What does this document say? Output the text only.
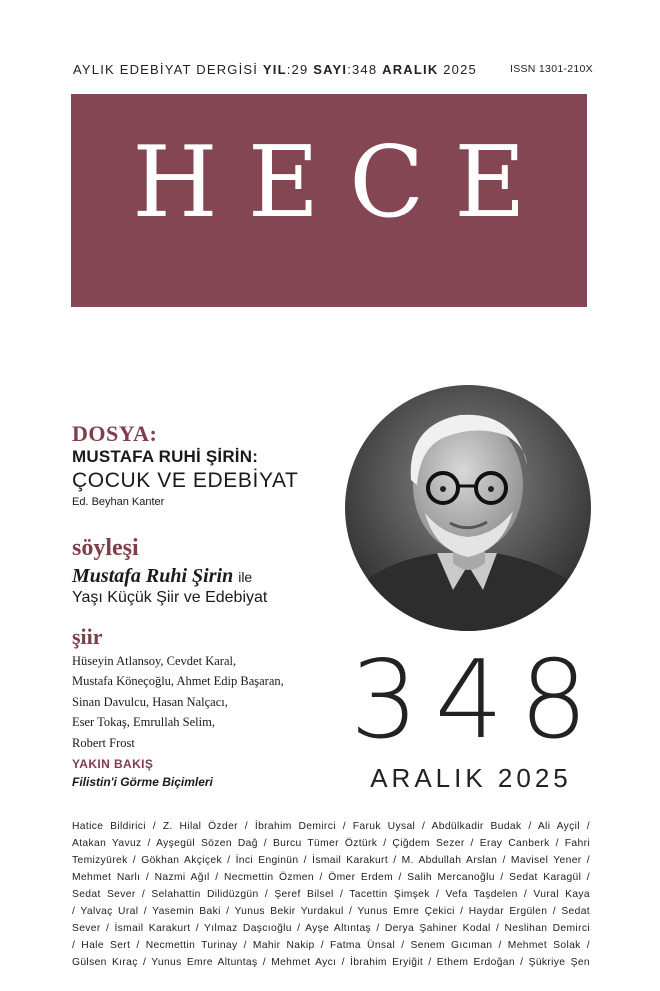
AYLIK EDEBİYAT DERGİSİ YIL:29 SAYI:348 ARALIK 2025	ISSN 1301-210X
HECE
DOSYA:
MUSTAFA RUHİ ŞİRİN:
ÇOCUK VE EDEBİYAT
Ed. Beyhan Kanter
söyleşi
Mustafa Ruhi Şirin ile
Yaşı Küçük Şiir ve Edebiyat
şiir
Hüseyin Atlansoy, Cevdet Karal,
Mustafa Köneçoğlu, Ahmet Edip Başaran,
Sinan Davulcu, Hasan Nalçacı,
Eser Tokaş, Emrullah Selim,
Robert Frost
YAKIN BAKIŞ
Filistin'i Görme Biçimleri
348
ARALIK 2025
Hatice Bildirici / Z. Hilal Özder / İbrahim Demirci / Faruk Uysal / Abdülkadir Budak / Ali Ayçil /
Atakan Yavuz / Ayşegül Sözen Dağ / Burcu Tümer Öztürk / Çiğdem Sezer / Eray Canberk / Fahri
Temizyürek / Gökhan Akçiçek / İnci Enginün / İsmail Karakurt / M. Abdullah Arslan / Mavisel Yener /
Mehmet Narlı / Nazmi Ağıl / Necmettin Özmen / Ömer Erdem / Salih Mercanoğlu / Sedat Karagül /
Sedat Sever / Selahattin Dilidüzgün / Şeref Bilsel / Tacettin Şimşek / Vefa Taşdelen / Vural Kaya
/ Yalvaç Ural / Yasemin Baki / Yunus Bekir Yurdakul / Yunus Emre Çekici / Haydar Ergülen / Sedat
Sever / İsmail Karakurt / Yılmaz Daşcıoğlu / Ayşe Altıntaş / Derya Şahiner Kodal / Neslihan Demirci
/ Hale Sert / Necmettin Turinay / Mahir Nakip / Fatma Ünsal / Senem Gıcıman / Mehmet Solak /
Gülsen Kıraç / Yunus Emre Altuntaş / Mehmet Aycı / İbrahim Eryiğit / Ethem Erdoğan / Şükriye Şen
